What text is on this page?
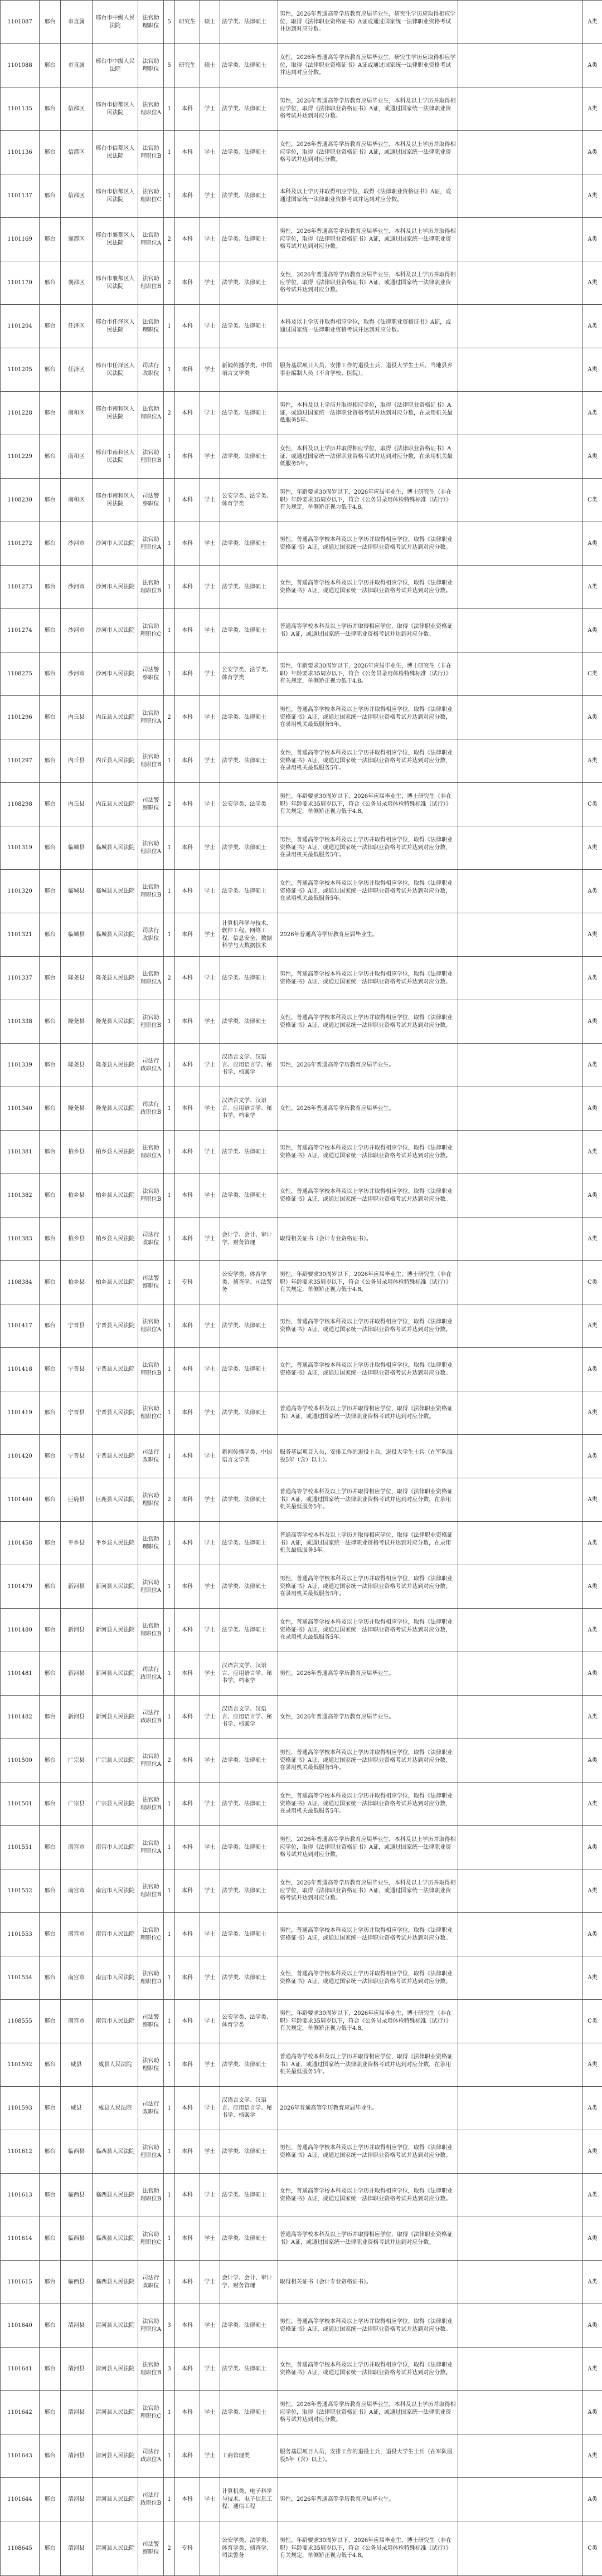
1101087	邢台	市直属	邢台市中级人民法院	法官助理职位	5	研究生	硕士	法学类、法律硕士	男性，2026年普通高等学历教育应届毕业生，研究生学历应取得相应学位，取得《法律职业资格证书》A证或通过国家统一法律职业资格考试并达到对应分数。		A类
1101088	邢台	市直属	邢台市中级人民法院	法官助理职位	5	研究生	硕士	法学类、法律硕士	女性，2026年普通高等学历教育应届毕业生，研究生学历应取得相应学位，取得《法律职业资格证书》A证或通过国家统一法律职业资格考试并达到对应分数。		A类
1101135	邢台	信都区	邢台市信都区人民法院	法官助理职位A	1	本科	学士	法学类、法律硕士	男性，2026年普通高等学历教育应届毕业生，本科及以上学历并取得相应学位，取得《法律职业资格证书》A证，或通过国家统一法律职业资格考试并达到对应分数。		A类
1101136	邢台	信都区	邢台市信都区人民法院	法官助理职位B	1	本科	学士	法学类、法律硕士	女性，2026年普通高等学历教育应届毕业生，本科及以上学历并取得相应学位，取得《法律职业资格证书》A证，或通过国家统一法律职业资格考试并达到对应分数。		A类
1101137	邢台	信都区	邢台市信都区人民法院	法官助理职位C	1	本科	学士	法学类、法律硕士	本科及以上学历并取得相应学位，取得《法律职业资格证书》A证，或通过国家统一法律职业资格考试并达到对应分数。		A类
1101169	邢台	襄都区	邢台市襄都区人民法院	法官助理职位A	2	本科	学士	法学类、法律硕士	男性，2026年普通高等学历教育应届毕业生，本科及以上学历并取得相应学位，取得《法律职业资格证书》A证，或通过国家统一法律职业资格考试并达到对应分数。		A类
1101170	邢台	襄都区	邢台市襄都区人民法院	法官助理职位B	2	本科	学士	法学类、法律硕士	女性，2026年普通高等学历教育应届毕业生，本科及以上学历并取得相应学位，取得《法律职业资格证书》A证，或通过国家统一法律职业资格考试并达到对应分数。		A类
1101204	邢台	任泽区	邢台市任泽区人民法院	法官助理职位	1	本科	学士	法学类、法律硕士	本科及以上学历并取得相应学位，取得《法律职业资格证书》A证，或通过国家统一法律职业资格考试并达到对应分数。		A类
1101205	邢台	任泽区	邢台市任泽区人民法院	司法行政职位	1	本科	学士	新闻传播学类、中国语言文学类	服务基层项目人员，安排工作的退役士兵，退役大学生士兵，当地县乡事业编制人员（不含学校、医院）。		A类
1101228	邢台	南和区	邢台市南和区人民法院	法官助理职位A	2	本科	学士	法学类、法律硕士	男性，本科及以上学历并取得相应学位，取得《法律职业资格证书》A证，或通过国家统一法律职业资格考试并达到对应分数，在录用机关最低服务5年。		A类
1101229	邢台	南和区	邢台市南和区人民法院	法官助理职位B	1	本科	学士	法学类、法律硕士	女性，本科及以上学历并取得相应学位，取得《法律职业资格证书》A证，或通过国家统一法律职业资格考试并达到对应分数，在录用机关最低服务5年。		A类
1108230	邢台	南和区	邢台市南和区人民法院	司法警察职位	1	本科	学士	公安学类、法学类、体育学类	男性，年龄要求30周岁以下，2026年应届毕业生，博士研究生（非在职）年龄要求35周岁以下，符合《公务员录用体检特殊标准（试行）》有关规定，单侧矫正视力低于4.8。		C类
1101272	邢台	沙河市	沙河市人民法院	法官助理职位A	1	本科	学士	法学类、法律硕士	男性，普通高等学校本科及以上学历并取得相应学位，取得《法律职业资格证书》A证，或通过国家统一法律职业资格考试并达到对应分数。		A类
1101273	邢台	沙河市	沙河市人民法院	法官助理职位B	1	本科	学士	法学类、法律硕士	女性，普通高等学校本科及以上学历并取得相应学位，取得《法律职业资格证书》A证，或通过国家统一法律职业资格考试并达到对应分数。		A类
1101274	邢台	沙河市	沙河市人民法院	法官助理职位C	1	本科	学士	法学类、法律硕士	普通高等学校本科及以上学历并取得相应学位，取得《法律职业资格证书》A证，或通过国家统一法律职业资格考试并达到对应分数。		A类
1108275	邢台	沙河市	沙河市人民法院	司法警察职位	1	本科	学士	公安学类、法学类、体育学类	男性，年龄要求30周岁以下，2026年应届毕业生，博士研究生（非在职）年龄要求35周岁以下，符合《公务员录用体检特殊标准（试行）》有关规定，单侧矫正视力低于4.8。		C类
1101296	邢台	内丘县	内丘县人民法院	法官助理职位A	2	本科	学士	法学类、法律硕士	男性，普通高等学校本科及以上学历并取得相应学位，取得《法律职业资格证书》A证，或通过国家统一法律职业资格考试并达到对应分数，在录用机关最低服务5年。		A类
1101297	邢台	内丘县	内丘县人民法院	法官助理职位B	1	本科	学士	法学类、法律硕士	女性，普通高等学校本科及以上学历并取得相应学位，取得《法律职业资格证书》A证，或通过国家统一法律职业资格考试并达到对应分数，在录用机关最低服务5年。		A类
1108298	邢台	内丘县	内丘县人民法院	司法警察职位	2	本科	学士	公安学类、法学类	男性，年龄要求30周岁以下，2026年应届毕业生，博士研究生（非在职）年龄要求35周岁以下，符合《公务员录用体检特殊标准（试行）》有关规定，单侧矫正视力低于4.8。		C类
1101319	邢台	临城县	临城县人民法院	法官助理职位A	1	本科	学士	法学类、法律硕士	男性，普通高等学校本科及以上学历并取得相应学位，取得《法律职业资格证书》A证，或通过国家统一法律职业资格考试并达到对应分数，在录用机关最低服务5年。		A类
1101320	邢台	临城县	临城县人民法院	法官助理职位B	1	本科	学士	法学类、法律硕士	女性，普通高等学校本科及以上学历并取得相应学位，取得《法律职业资格证书》A证，或通过国家统一法律职业资格考试并达到对应分数，在录用机关最低服务5年。		A类
1101321	邢台	临城县	临城县人民法院	司法行政职位	1	本科	学士	计算机科学与技术、软件工程、网络工程、信息安全、数据科学与大数据技术	2026年普通高等学历教育应届毕业生。		A类
1101337	邢台	隆尧县	隆尧县人民法院	法官助理职位A	2	本科	学士	法学类、法律硕士	男性，普通高等学校本科及以上学历并取得相应学位，取得《法律职业资格证书》A证，或通过国家统一法律职业资格考试并达到对应分数。		A类
1101338	邢台	隆尧县	隆尧县人民法院	法官助理职位B	1	本科	学士	法学类、法律硕士	女性，普通高等学校本科及以上学历并取得相应学位，取得《法律职业资格证书》A证，或通过国家统一法律职业资格考试并达到对应分数。		A类
1101339	邢台	隆尧县	隆尧县人民法院	司法行政职位A	1	本科	学士	汉语言文学、汉语言、应用语言学、秘书学、档案学	男性，2026年普通高等学历教育应届毕业生。		A类
1101340	邢台	隆尧县	隆尧县人民法院	司法行政职位B	1	本科	学士	汉语言文学、汉语言、应用语言学、秘书学、档案学	女性，2026年普通高等学历教育应届毕业生。		A类
1101381	邢台	柏乡县	柏乡县人民法院	法官助理职位A	1	本科	学士	法学类、法律硕士	男性，普通高等学校本科及以上学历并取得相应学位，取得《法律职业资格证书》A证，或通过国家统一法律职业资格考试并达到对应分数。		A类
1101382	邢台	柏乡县	柏乡县人民法院	法官助理职位B	1	本科	学士	法学类、法律硕士	女性，普通高等学校本科及以上学历并取得相应学位，取得《法律职业资格证书》A证，或通过国家统一法律职业资格考试并达到对应分数。		A类
1101383	邢台	柏乡县	柏乡县人民法院	司法行政职位	1	本科	学士	会计学、会计、审计学、财务管理	取得相关证书（会计专业资格证书）。		A类
1108384	邢台	柏乡县	柏乡县人民法院	司法警察职位	1	专科		公安学类、体育学类、侦查学、司法警务	男性，年龄要求30周岁以下，2026年应届毕业生，博士研究生（非在职）年龄要求35周岁以下，符合《公务员录用体检特殊标准（试行）》有关规定，单侧矫正视力低于4.8。		C类
1101417	邢台	宁晋县	宁晋县人民法院	法官助理职位A	1	本科	学士	法学类、法律硕士	男性，普通高等学校本科及以上学历并取得相应学位，取得《法律职业资格证书》A证，或通过国家统一法律职业资格考试并达到对应分数。		A类
1101418	邢台	宁晋县	宁晋县人民法院	法官助理职位B	1	本科	学士	法学类、法律硕士	女性，普通高等学校本科及以上学历并取得相应学位，取得《法律职业资格证书》A证，或通过国家统一法律职业资格考试并达到对应分数。		A类
1101419	邢台	宁晋县	宁晋县人民法院	法官助理职位C	1	本科	学士	法学类、法律硕士	普通高等学校本科及以上学历并取得相应学位，取得《法律职业资格证书》A证，或通过国家统一法律职业资格考试并达到对应分数。		A类
1101420	邢台	宁晋县	宁晋县人民法院	司法行政职位	1	本科	学士	新闻传播学类、中国语言文学类	服务基层项目人员，安排工作的退役士兵，退役大学生士兵（在军队服役5年（含）以上）。		A类
1101440	邢台	巨鹿县	巨鹿县人民法院	法官助理职位	2	本科	学士	法学类、法律硕士	普通高等学校本科及以上学历并取得相应学位，取得《法律职业资格证书》A证，或通过国家统一法律职业资格考试并达到对应分数，在录用机关最低服务5年。		A类
1101458	邢台	平乡县	平乡县人民法院	法官助理职位	1	本科	学士	法学类、法律硕士	普通高等学校本科及以上学历并取得相应学位，取得《法律职业资格证书》A证，或通过国家统一法律职业资格考试并达到对应分数，在录用机关最低服务5年。		A类
1101479	邢台	新河县	新河县人民法院	法官助理职位A	1	本科	学士	法学类、法律硕士	男性，普通高等学校本科及以上学历并取得相应学位，取得《法律职业资格证书》A证，或通过国家统一法律职业资格考试并达到对应分数，在录用机关最低服务5年。		A类
1101480	邢台	新河县	新河县人民法院	法官助理职位B	1	本科	学士	法学类、法律硕士	女性，普通高等学校本科及以上学历并取得相应学位，取得《法律职业资格证书》A证，或通过国家统一法律职业资格考试并达到对应分数，在录用机关最低服务5年。		A类
1101481	邢台	新河县	新河县人民法院	司法行政职位A	1	本科	学士	汉语言文学、汉语言、应用语言学、秘书学、档案学	男性，2026年普通高等学历教育应届毕业生。		A类
1101482	邢台	新河县	新河县人民法院	司法行政职位B	1	本科	学士	汉语言文学、汉语言、应用语言学、秘书学、档案学	女性，2026年普通高等学历教育应届毕业生。		A类
1101500	邢台	广宗县	广宗县人民法院	法官助理职位A	2	本科	学士	法学类、法律硕士	男性，普通高等学校本科及以上学历并取得相应学位，取得《法律职业资格证书》A证，或通过国家统一法律职业资格考试并达到对应分数，在录用机关最低服务5年。		A类
1101501	邢台	广宗县	广宗县人民法院	法官助理职位B	1	本科	学士	法学类、法律硕士	女性，普通高等学校本科及以上学历并取得相应学位，取得《法律职业资格证书》A证，或通过国家统一法律职业资格考试并达到对应分数，在录用机关最低服务5年。		A类
1101551	邢台	南宫市	南宫市人民法院	法官助理职位A	1	本科	学士	法学类、法律硕士	男性，2026年普通高等学历教育应届毕业生，本科及以上学历并取得相应学位，取得《法律职业资格证书》A证，或通过国家统一法律职业资格考试并达到对应分数。		A类
1101552	邢台	南宫市	南宫市人民法院	法官助理职位B	1	本科	学士	法学类、法律硕士	女性，2026年普通高等学历教育应届毕业生，本科及以上学历并取得相应学位，取得《法律职业资格证书》A证，或通过国家统一法律职业资格考试并达到对应分数。		A类
1101553	邢台	南宫市	南宫市人民法院	法官助理职位C	1	本科	学士	法学类、法律硕士	男性，普通高等学校本科及以上学历并取得相应学位，取得《法律职业资格证书》A证，或通过国家统一法律职业资格考试并达到对应分数。		A类
1101554	邢台	南宫市	南宫市人民法院	法官助理职位D	1	本科	学士	法学类、法律硕士	女性，普通高等学校本科及以上学历并取得相应学位，取得《法律职业资格证书》A证，或通过国家统一法律职业资格考试并达到对应分数。		A类
1108555	邢台	南宫市	南宫市人民法院	司法警察职位	1	本科	学士	公安学类、法学类、体育学类	男性，年龄要求30周岁以下，2026年应届毕业生，博士研究生（非在职）年龄要求35周岁以下，符合《公务员录用体检特殊标准（试行）》有关规定，单侧矫正视力低于4.8。		C类
1101592	邢台	威县	威县人民法院	法官助理职位	1	本科	学士	法学类、法律硕士	普通高等学校本科及以上学历并取得相应学位，取得《法律职业资格证书》A证，或通过国家统一法律职业资格考试并达到对应分数，在录用机关最低服务5年。		A类
1101593	邢台	威县	威县人民法院	司法行政职位	1	本科	学士	汉语言文学、汉语言、应用语言学、秘书学、档案学	2026年普通高等学历教育应届毕业生。		A类
1101612	邢台	临西县	临西县人民法院	法官助理职位A	1	本科	学士	法学类、法律硕士	男性，普通高等学校本科及以上学历并取得相应学位，取得《法律职业资格证书》A证，或通过国家统一法律职业资格考试并达到对应分数。		A类
1101613	邢台	临西县	临西县人民法院	法官助理职位B	1	本科	学士	法学类、法律硕士	女性，普通高等学校本科及以上学历并取得相应学位，取得《法律职业资格证书》A证，或通过国家统一法律职业资格考试并达到对应分数。		A类
1101614	邢台	临西县	临西县人民法院	法官助理职位C	1	本科	学士	法学类、法律硕士	普通高等学校本科及以上学历并取得相应学位，取得《法律职业资格证书》A证，或通过国家统一法律职业资格考试并达到对应分数。		A类
1101615	邢台	临西县	临西县人民法院	司法行政职位	1	本科	学士	会计学、会计、审计学、财务管理	取得相关证书（会计专业资格证书）。		A类
1101640	邢台	清河县	清河县人民法院	法官助理职位A	3	本科	学士	法学类、法律硕士	男性，普通高等学校本科及以上学历并取得相应学位，取得《法律职业资格证书》A证，或通过国家统一法律职业资格考试并达到对应分数。		A类
1101641	邢台	清河县	清河县人民法院	法官助理职位B	3	本科	学士	法学类、法律硕士	女性，普通高等学校本科及以上学历并取得相应学位，取得《法律职业资格证书》A证，或通过国家统一法律职业资格考试并达到对应分数。		A类
1101642	邢台	清河县	清河县人民法院	法官助理职位C	1	本科	学士	法学类、法律硕士	男性，2026年普通高等学历教育应届毕业生，本科及以上学历并取得相应学位，取得《法律职业资格证书》A证，或通过国家统一法律职业资格考试并达到对应分数。		A类
1101643	邢台	清河县	清河县人民法院	司法行政职位A	1	本科	学士	工商管理类	服务基层项目人员，安排工作的退役士兵，退役大学生士兵（在军队服役5年（含）以上）。		A类
1101644	邢台	清河县	清河县人民法院	司法行政职位B	1	本科	学士	计算机类、电子科学与技术、电子信息工程、通信工程	男性，2026年普通高等学历教育应届毕业生。		A类
1108645	邢台	清河县	清河县人民法院	司法警察职位	2	专科		公安学类、法学类、体育学类、侦查学、司法警务	男性，年龄要求30周岁以下，2026年应届毕业生，博士研究生（非在职）年龄要求35周岁以下，符合《公务员录用体检特殊标准（试行）》有关规定，单侧矫正视力低于4.8。		C类
